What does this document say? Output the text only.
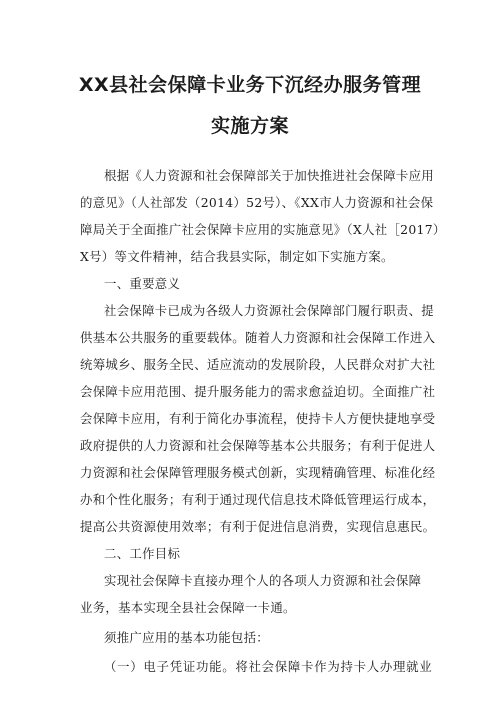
XX县社会保障卡业务下沉经办服务管理
实施方案
根据《人力资源和社会保障部关于加快推进社会保障卡应用
的意见》（人社部发（2014）52号）、《XX市人力资源和社会保
障局关于全面推广社会保障卡应用的实施意见》（X人社［2017）
X号）等文件精神，结合我县实际，制定如下实施方案。
一、重要意义
社会保障卡已成为各级人力资源社会保障部门履行职责、提
供基本公共服务的重要载体。随着人力资源和社会保障工作进入
统筹城乡、服务全民、适应流动的发展阶段，人民群众对扩大社
会保障卡应用范围、提升服务能力的需求愈益迫切。全面推广社
会保障卡应用，有利于简化办事流程，使持卡人方便快捷地享受
政府提供的人力资源和社会保障等基本公共服务；有利于促进人
力资源和社会保障管理服务模式创新，实现精确管理、标准化经
办和个性化服务；有利于通过现代信息技术降低管理运行成本，
提高公共资源使用效率；有利于促进信息消费，实现信息惠民。
二、工作目标
实现社会保障卡直接办理个人的各项人力资源和社会保障
业务，基本实现全县社会保障一卡通。
须推广应用的基本功能包括：
（一）电子凭证功能。将社会保障卡作为持卡人办理就业
